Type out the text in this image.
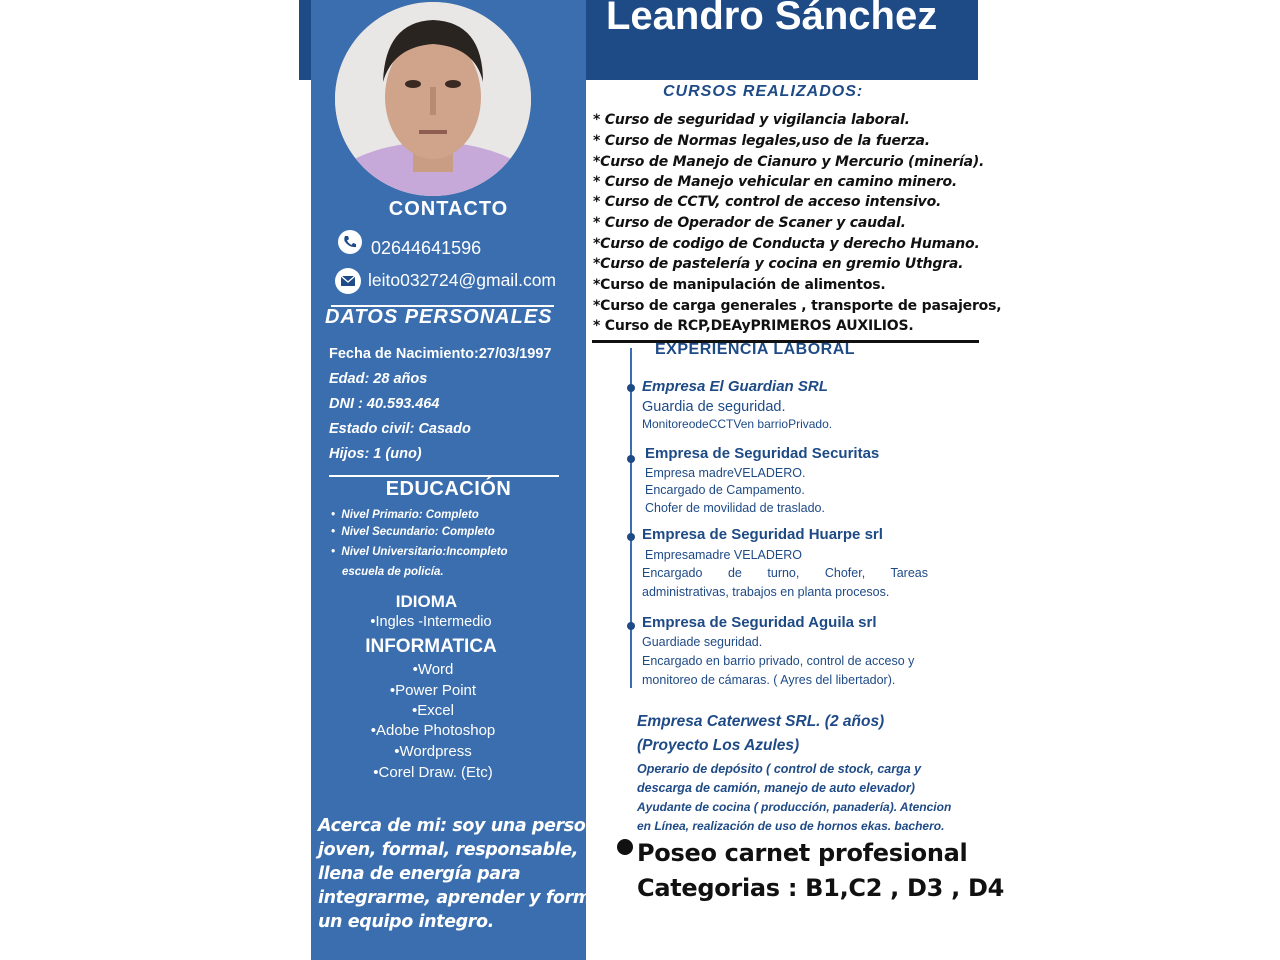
CONTACTO
02644641596
leito032724@gmail.com
DATOS PERSONALES
Fecha de Nacimiento:27/03/1997
Edad: 28 años
DNI : 40.593.464
Estado civil: Casado
Hijos: 1 (uno)
EDUCACIÓN
•  Nivel Primario: Completo
•  Nivel Secundario: Completo
•  Nivel Universitario:Incompleto
escuela de policía.
IDIOMA
•Ingles -Intermedio
INFORMATICA
•Word
•Power Point
•Excel
•Adobe Photoshop
•Wordpress
•Corel Draw. (Etc)
Acerca de mi: soy una persona
joven, formal, responsable,
llena de energía para
integrarme, aprender y formar
un equipo integro.
Leandro Sánchez
CURSOS REALIZADOS:
* Curso de seguridad y vigilancia laboral.
* Curso de Normas legales,uso de la fuerza.
*Curso de Manejo de Cianuro y Mercurio (minería).
* Curso de Manejo vehicular en camino minero.
* Curso de CCTV, control de acceso intensivo.
* Curso de Operador de Scaner y caudal.
*Curso de codigo de Conducta y derecho Humano.
*Curso de pastelería y cocina en gremio Uthgra.
*Curso de manipulación de alimentos.
*Curso de carga generales , transporte de pasajeros,
* Curso de RCP,DEAyPRIMEROS AUXILIOS.
EXPERIENCIA LABORAL
Empresa El Guardian SRL
Guardia de seguridad.
MonitoreodeCCTVen barrioPrivado.
Empresa de Seguridad Securitas
Empresa madreVELADERO.
Encargado de Campamento.
Chofer de movilidad de traslado.
Empresa de Seguridad Huarpe srl
Empresamadre VELADERO
Encargado de turno, Chofer, Tareas
administrativas, trabajos en planta procesos.
Empresa de Seguridad Aguila srl
Guardiade seguridad.
Encargado en barrio privado, control de acceso y
monitoreo de cámaras. ( Ayres del libertador).
Empresa Caterwest SRL. (2 años)
(Proyecto Los Azules)
Operario de depósito ( control de stock, carga y
descarga de camión, manejo de auto elevador)
Ayudante de cocina ( producción, panadería). Atencion
en Línea, realización de uso de hornos ekas. bachero.
Poseo carnet profesional
Categorias : B1,C2 , D3 , D4
